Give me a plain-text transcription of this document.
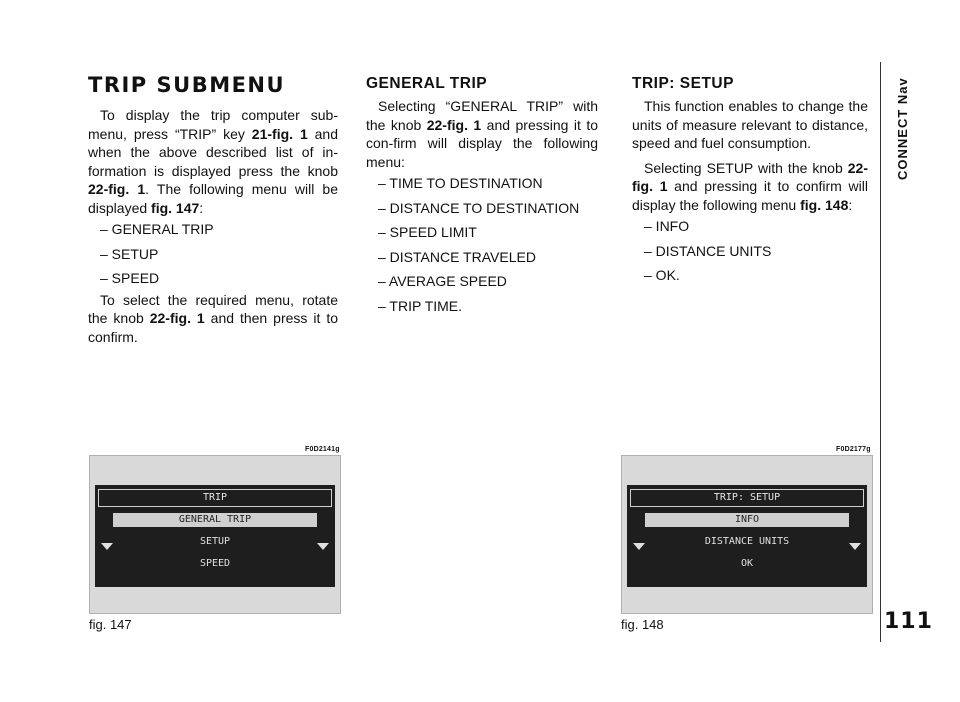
TRIP SUBMENU

To display the trip computer sub-menu, press “TRIP” key 21-fig. 1 and when the above described list of in-formation is displayed press the knob 22-fig. 1. The following menu will be displayed fig. 147:

– GENERAL TRIP
– SETUP
– SPEED

To select the required menu, rotate the knob 22-fig. 1 and then press it to confirm.

GENERAL TRIP

Selecting “GENERAL TRIP” with the knob 22-fig. 1 and pressing it to con-firm will display the following menu:

– TIME TO DESTINATION
– DISTANCE TO DESTINATION
– SPEED LIMIT
– DISTANCE TRAVELED
– AVERAGE SPEED
– TRIP TIME.
TRIP: SETUP

This function enables to change the units of measure relevant to distance, speed and fuel consumption.

Selecting SETUP with the knob 22-fig. 1 and pressing it to confirm will display the following menu fig. 148:

– INFO
– DISTANCE UNITS
– OK.
F0D2141g
TRIP
GENERAL TRIP
SETUP
SPEED
fig. 147
F0D2177g
TRIP: SETUP
INFO
DISTANCE UNITS
OK
fig. 148
CONNECT Nav
111
